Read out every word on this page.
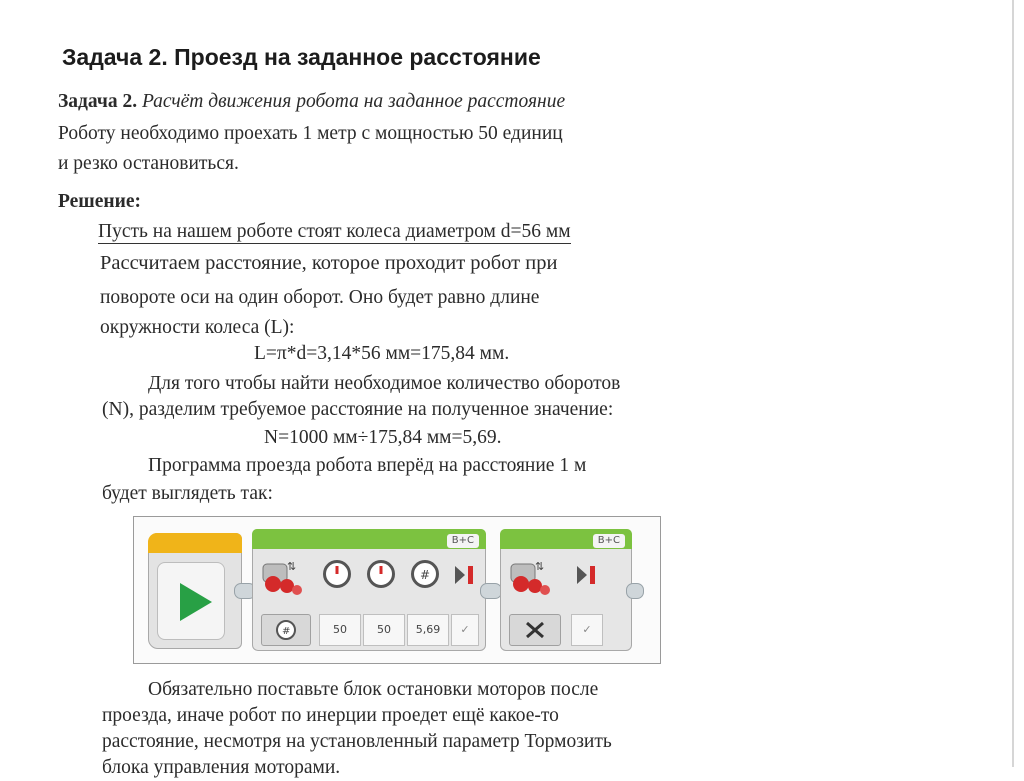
Задача 2. Проезд на заданное расстояние
Задача 2. Расчёт движения робота на заданное расстояние
Роботу необходимо проехать 1 метр с мощностью 50 единиц
и резко остановиться.
Решение:
Пусть на нашем роботе стоят колеса диаметром d=56 мм
Рассчитаем расстояние, которое проходит робот при
повороте оси на один оборот. Оно будет равно длине
окружности колеса (L):
L=π*d=3,14*56 мм=175,84 мм.
Для того чтобы найти необходимое количество оборотов
(N), разделим требуемое расстояние на полученное значение:
N=1000 мм÷175,84 мм=5,69.
Программа проезда робота вперёд на расстояние 1 м
будет выглядеть так:
Обязательно поставьте блок остановки моторов после
проезда, иначе робот по инерции проедет ещё какое-то
расстояние, несмотря на установленный параметр Тормозить
блока управления моторами.
B+C
⇅
#
#	50	50	5,69	✓
B+C
⇅
✓
